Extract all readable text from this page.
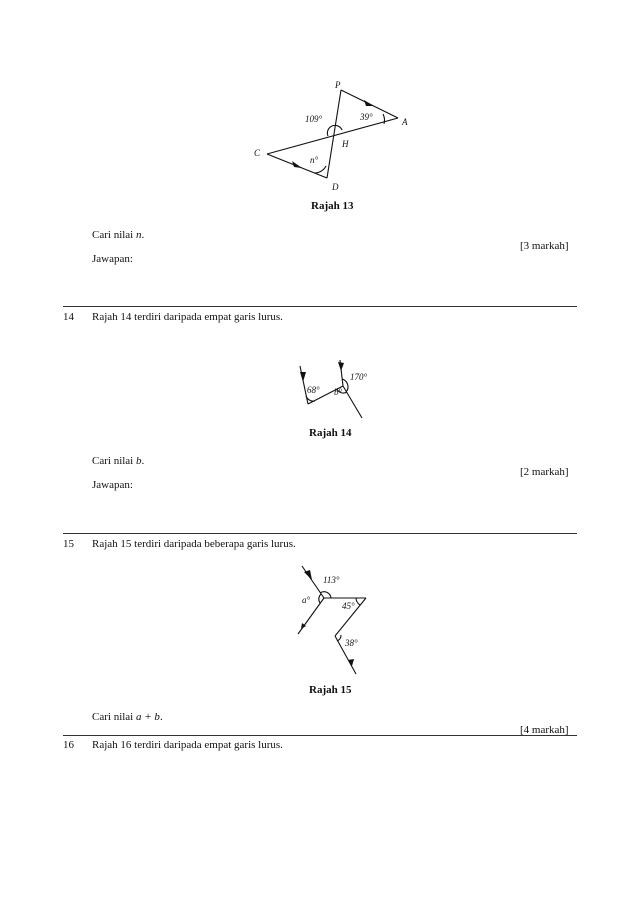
P
A
C
D
H
109°	39°
n°
Rajah 13
Cari nilai n.
[3 markah]
Jawapan:
14 Rajah 14 terdiri daripada empat garis lurus.
68°
170°
b°
Rajah 14
Cari nilai b.
[2 markah]
Jawapan:
15 Rajah 15 terdiri daripada beberapa garis lurus.
113°
a°
45°
38°
Rajah 15
Cari nilai a + b.
[4 markah]
16 Rajah 16 terdiri daripada empat garis lurus.
